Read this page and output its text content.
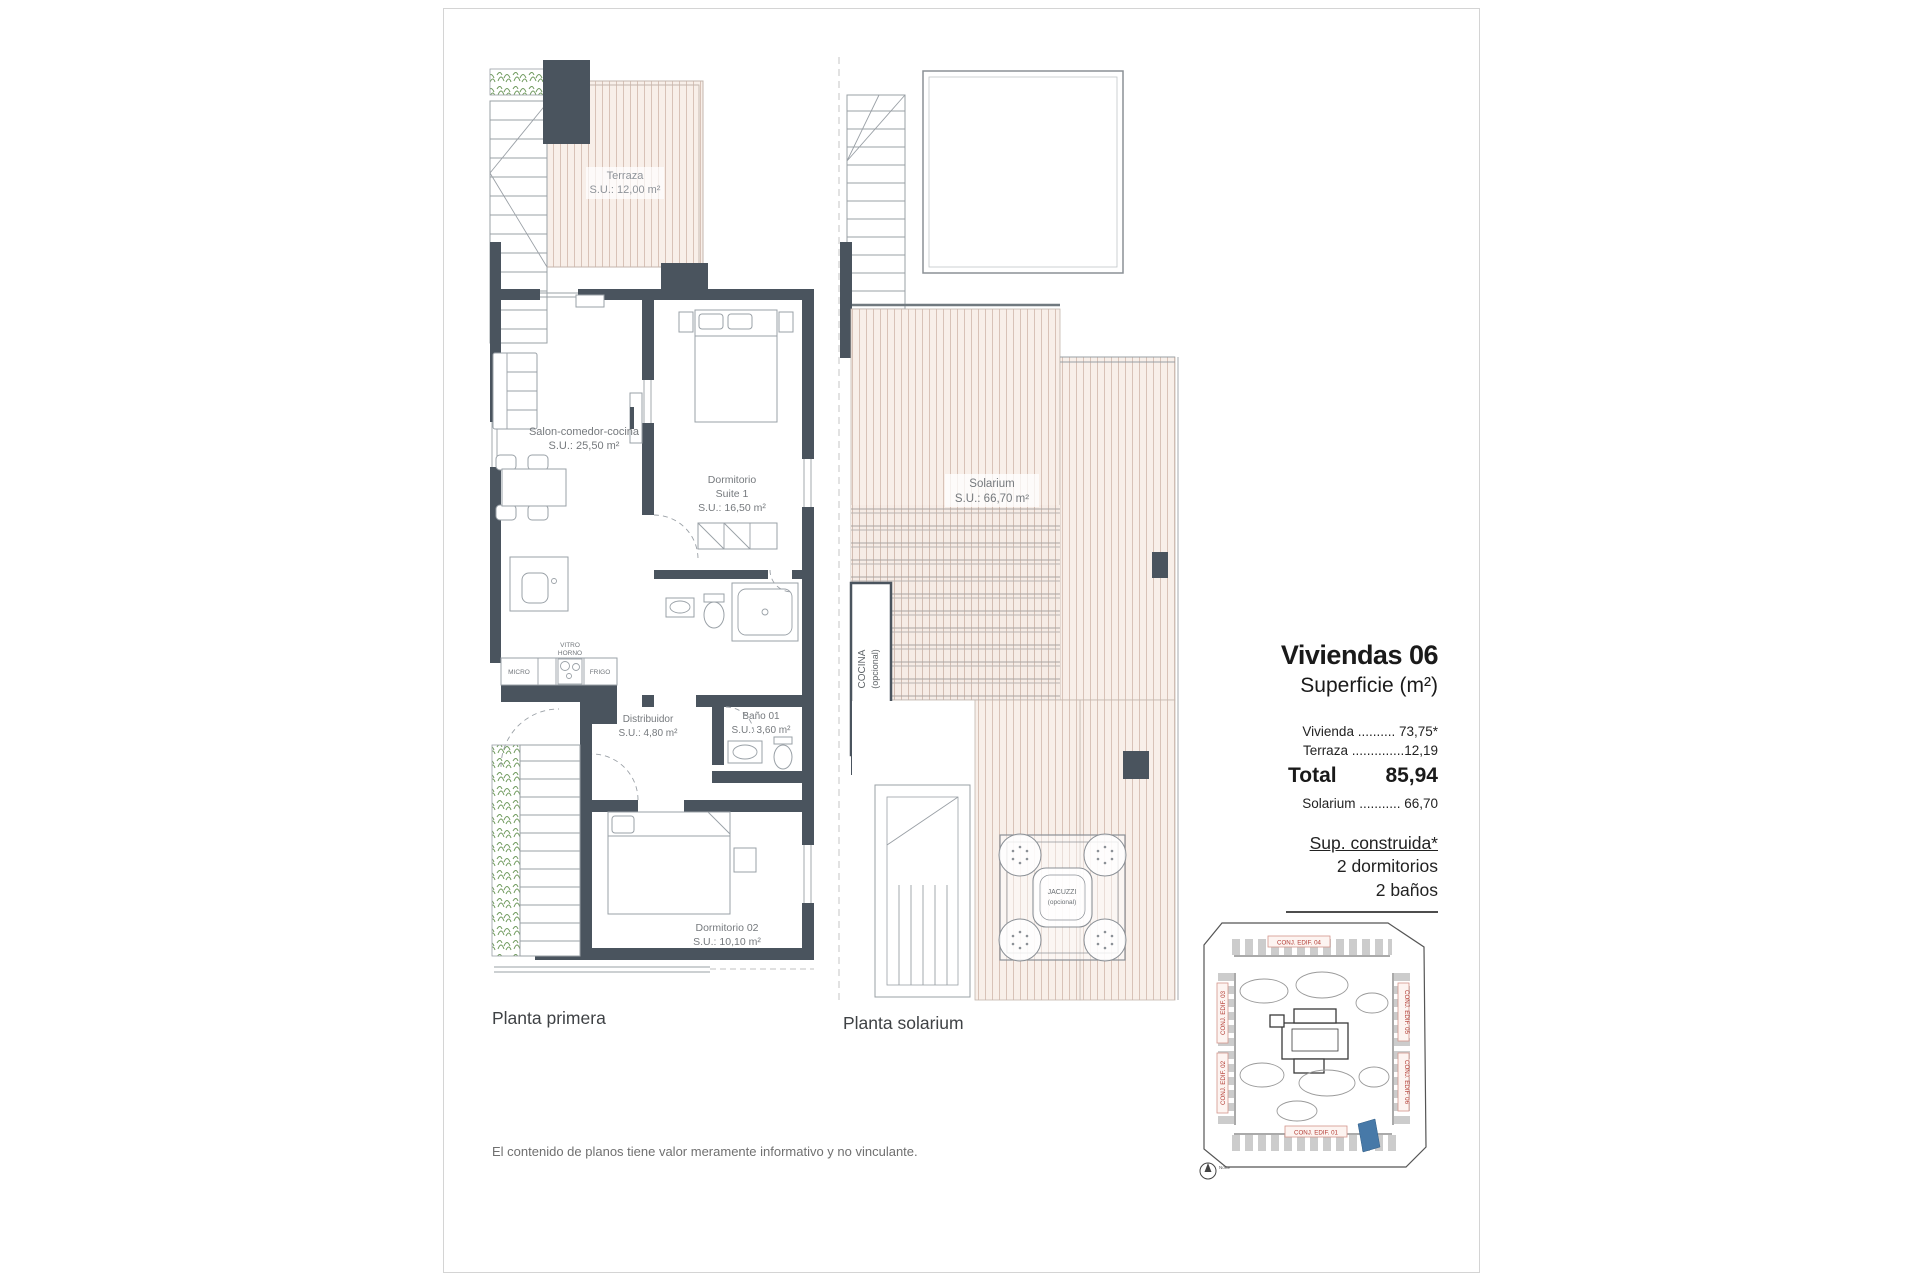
Terraza
S.U.: 12,00 m²
Salon-comedor-cocina
S.U.: 25,50 m²
Dormitorio
Suite 1
S.U.: 16,50 m²
Distribuidor
S.U.: 4,80 m²
Baño 01
S.U.: 3,60 m²
Dormitorio 02
S.U.: 10,10 m²
MICRO	FRIGO
VITRO
HORNO	COCINA (opcional)
JACUZZI
(opcional)
Solarium
S.U.: 66,70 m²
CONJ. EDIF. 04
CONJ. EDIF. 01
CONJ. EDIF. 03
CONJ. EDIF. 02
CONJ. EDIF. 05
CONJ. EDIF. 06
Norte
Planta primera	Planta solarium
Viviendas 06
Superficie (m²)
Vivienda .......... 73,75*
Terraza ..............12,19
Total 85,94
Solarium ........... 66,70
Sup. construida*
2 dormitorios
2 baños
El contenido de planos tiene valor meramente informativo y no vinculante.
